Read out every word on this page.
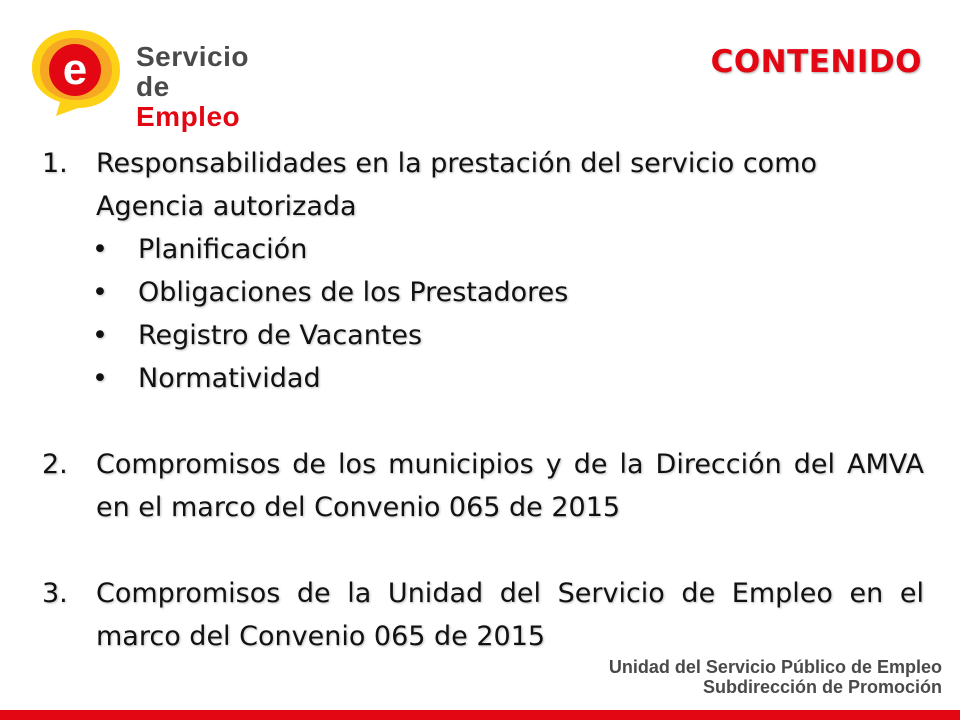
e Servicio
de Empleo
CONTENIDO
1. Responsabilidades en la prestación del servicio como Agencia autorizada
• Planificación
• Obligaciones de los Prestadores
• Registro de Vacantes
• Normatividad
2. Compromisos de los municipios y de la Dirección del AMVA en el marco del Convenio 065 de 2015
3. Compromisos de la Unidad del Servicio de Empleo en el marco del Convenio 065 de 2015
Unidad del Servicio Público de Empleo
Subdirección de Promoción
